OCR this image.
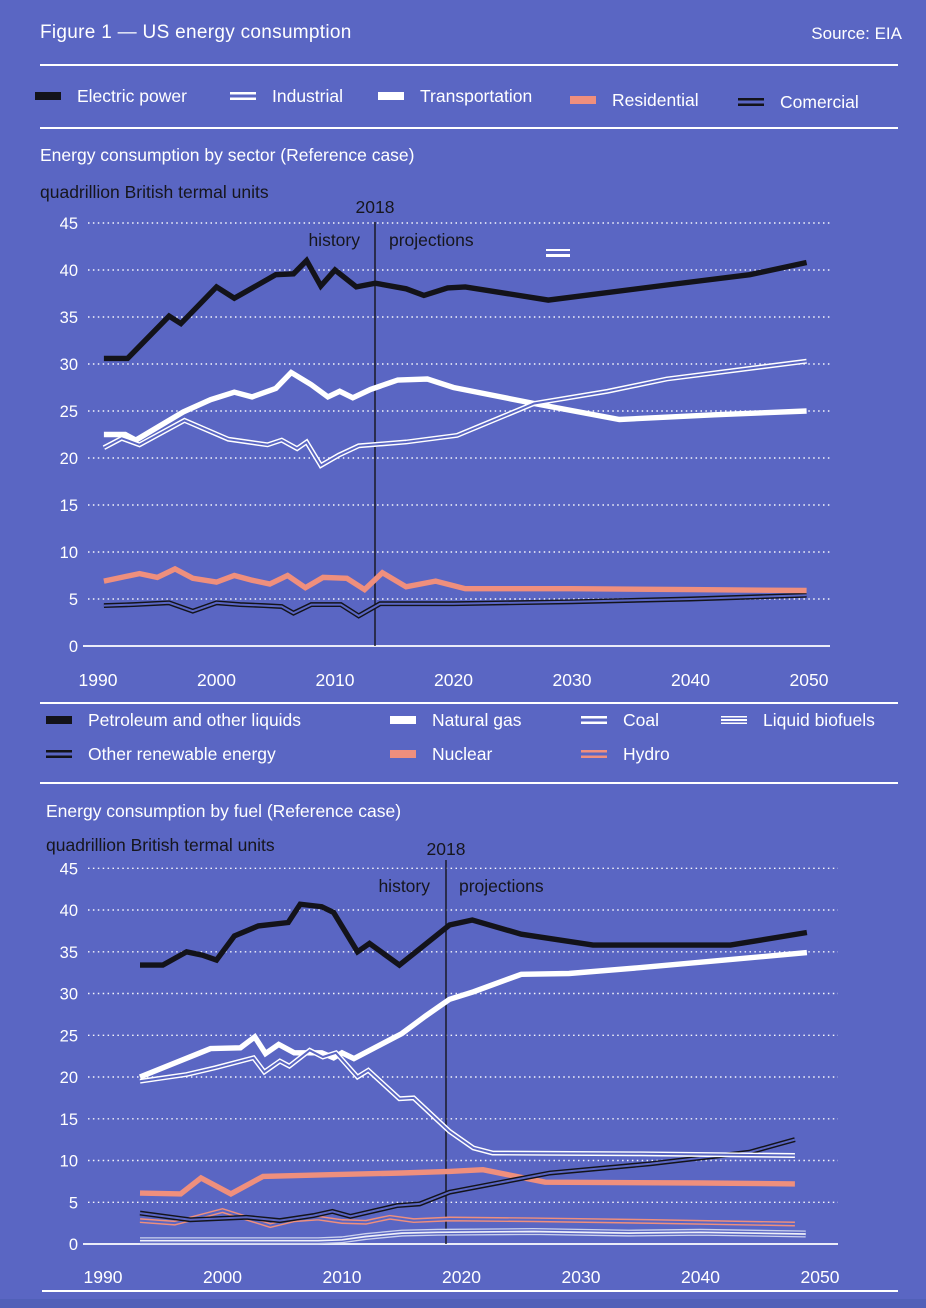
45
40
35
30
25
20
15
10
5
0
1990	2000	2010	2020	2030	2040	2050
45
40
35
30
25
20
15
10
5
0
1990	2000	2010	2020	2030	2040	2050
Figure 1 — US energy consumption	Source: EIA
Electric power	Industrial	Transportation	Residential	Comercial
Energy consumption by sector (Reference case)
quadrillion British termal units
2018
history projections
Petroleum and other liquids	Natural gas	Coal	Liquid biofuels
Other renewable energy	Nuclear	Hydro
Energy consumption by fuel (Reference case)
quadrillion British termal units	2018
history projections
